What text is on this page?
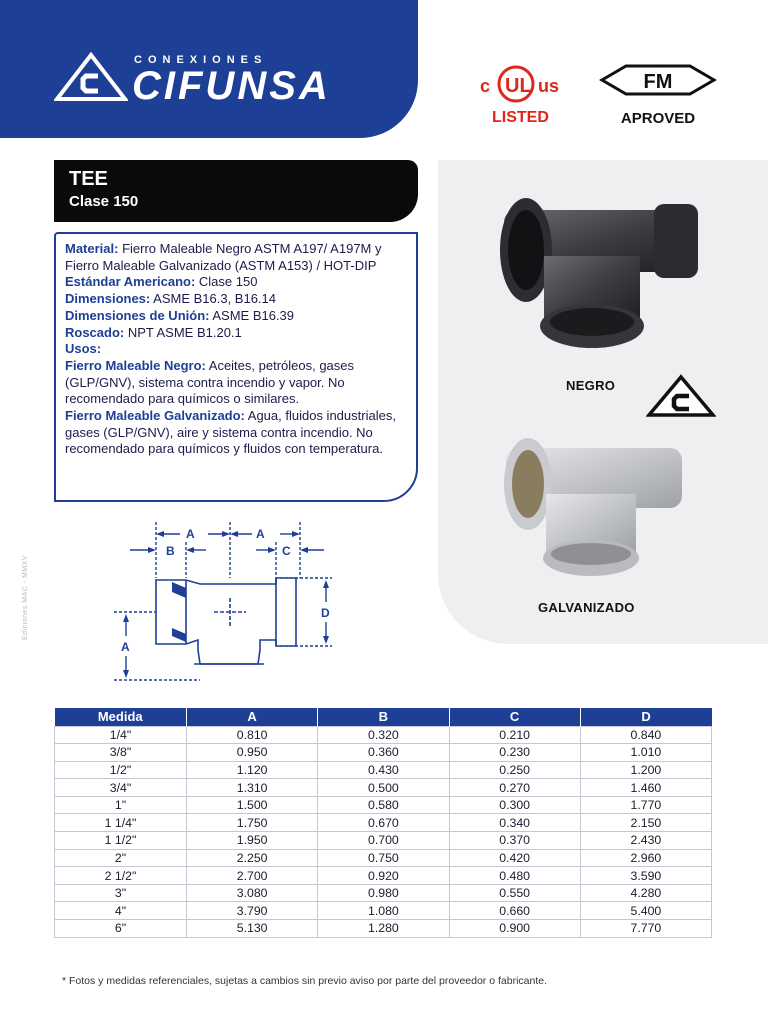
CONEXIONES
CIFUNSA	c UL us
LISTED
FM
APROVED
NEGRO
GALVANIZADO
TEE
Clase 150
Material: Fierro Maleable Negro ASTM A197/ A197M y Fierro Maleable Galvanizado (ASTM A153) / HOT-DIP
Estándar Americano: Clase 150
Dimensiones: ASME B16.3, B16.14
Dimensiones de Unión: ASME B16.39
Roscado: NPT ASME B1.20.1
Usos:
Fierro Maleable Negro: Aceites, petróleos, gases (GLP/GNV), sistema contra incendio y vapor. No recomendado para químicos o similares.
Fierro Maleable Galvanizado: Agua, fluidos industriales, gases (GLP/GNV), aire y sistema contra incendio. No recomendado para químicos y fluidos con temperatura.
Ediciones MAC - MMXV
A	A
B	C
D
A
Medida	A	B	C	D
1/4"	0.810	0.320	0.210	0.840
3/8"	0.950	0.360	0.230	1.010
1/2"	1.120	0.430	0.250	1.200
3/4"	1.310	0.500	0.270	1.460
1"	1.500	0.580	0.300	1.770
1 1/4"	1.750	0.670	0.340	2.150
1 1/2"	1.950	0.700	0.370	2.430
2"	2.250	0.750	0.420	2.960
2 1/2"	2.700	0.920	0.480	3.590
3"	3.080	0.980	0.550	4.280
4"	3.790	1.080	0.660	5.400
6"	5.130	1.280	0.900	7.770
* Fotos y medidas referenciales, sujetas a cambios sin previo aviso por parte del proveedor o fabricante.
